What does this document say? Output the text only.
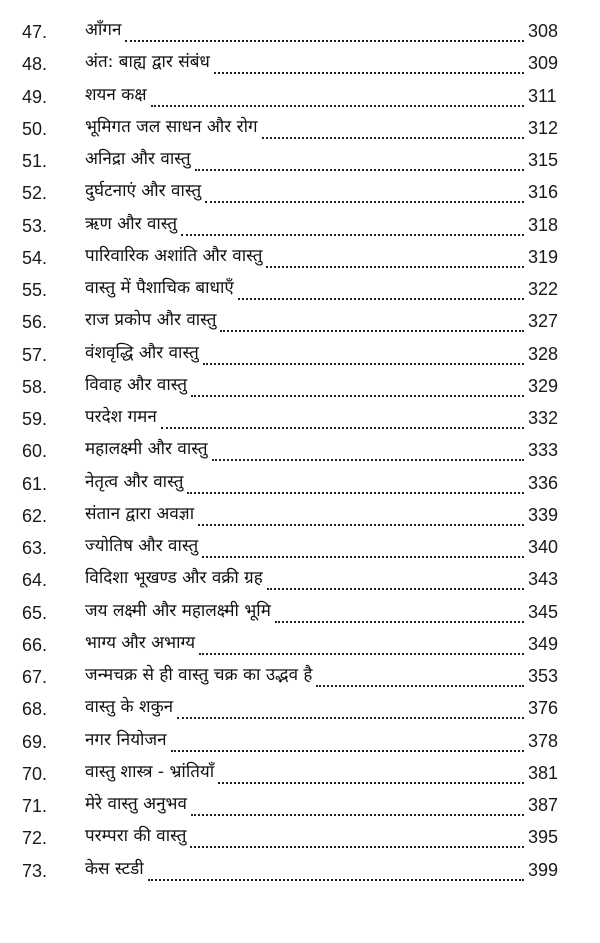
47. आँगन	308
48. अंत: बाह्य द्वार संबंध	309
49. शयन कक्ष	311
50. भूमिगत जल साधन और रोग	312
51. अनिद्रा और वास्तु	315
52. दुर्घटनाएं और वास्तु	316
53. ऋण और वास्तु	318
54. पारिवारिक अशांति और वास्तु	319
55. वास्तु में पैशाचिक बाधाएँ	322
56. राज प्रकोप और वास्तु	327
57. वंशवृद्धि और वास्तु	328
58. विवाह और वास्तु	329
59. परदेश गमन	332
60. महालक्ष्मी और वास्तु	333
61. नेतृत्व और वास्तु	336
62. संतान द्वारा अवज्ञा	339
63. ज्योतिष और वास्तु	340
64. विदिशा भूखण्ड और वक्री ग्रह	343
65. जय लक्ष्मी और महालक्ष्मी भूमि	345
66. भाग्य और अभाग्य	349
67. जन्मचक्र से ही वास्तु चक्र का उद्भव है	353
68. वास्तु के शकुन	376
69. नगर नियोजन	378
70. वास्तु शास्त्र - भ्रांतियाँ	381
71. मेरे वास्तु अनुभव	387
72. परम्परा की वास्तु	395
73. केस स्टडी	399
